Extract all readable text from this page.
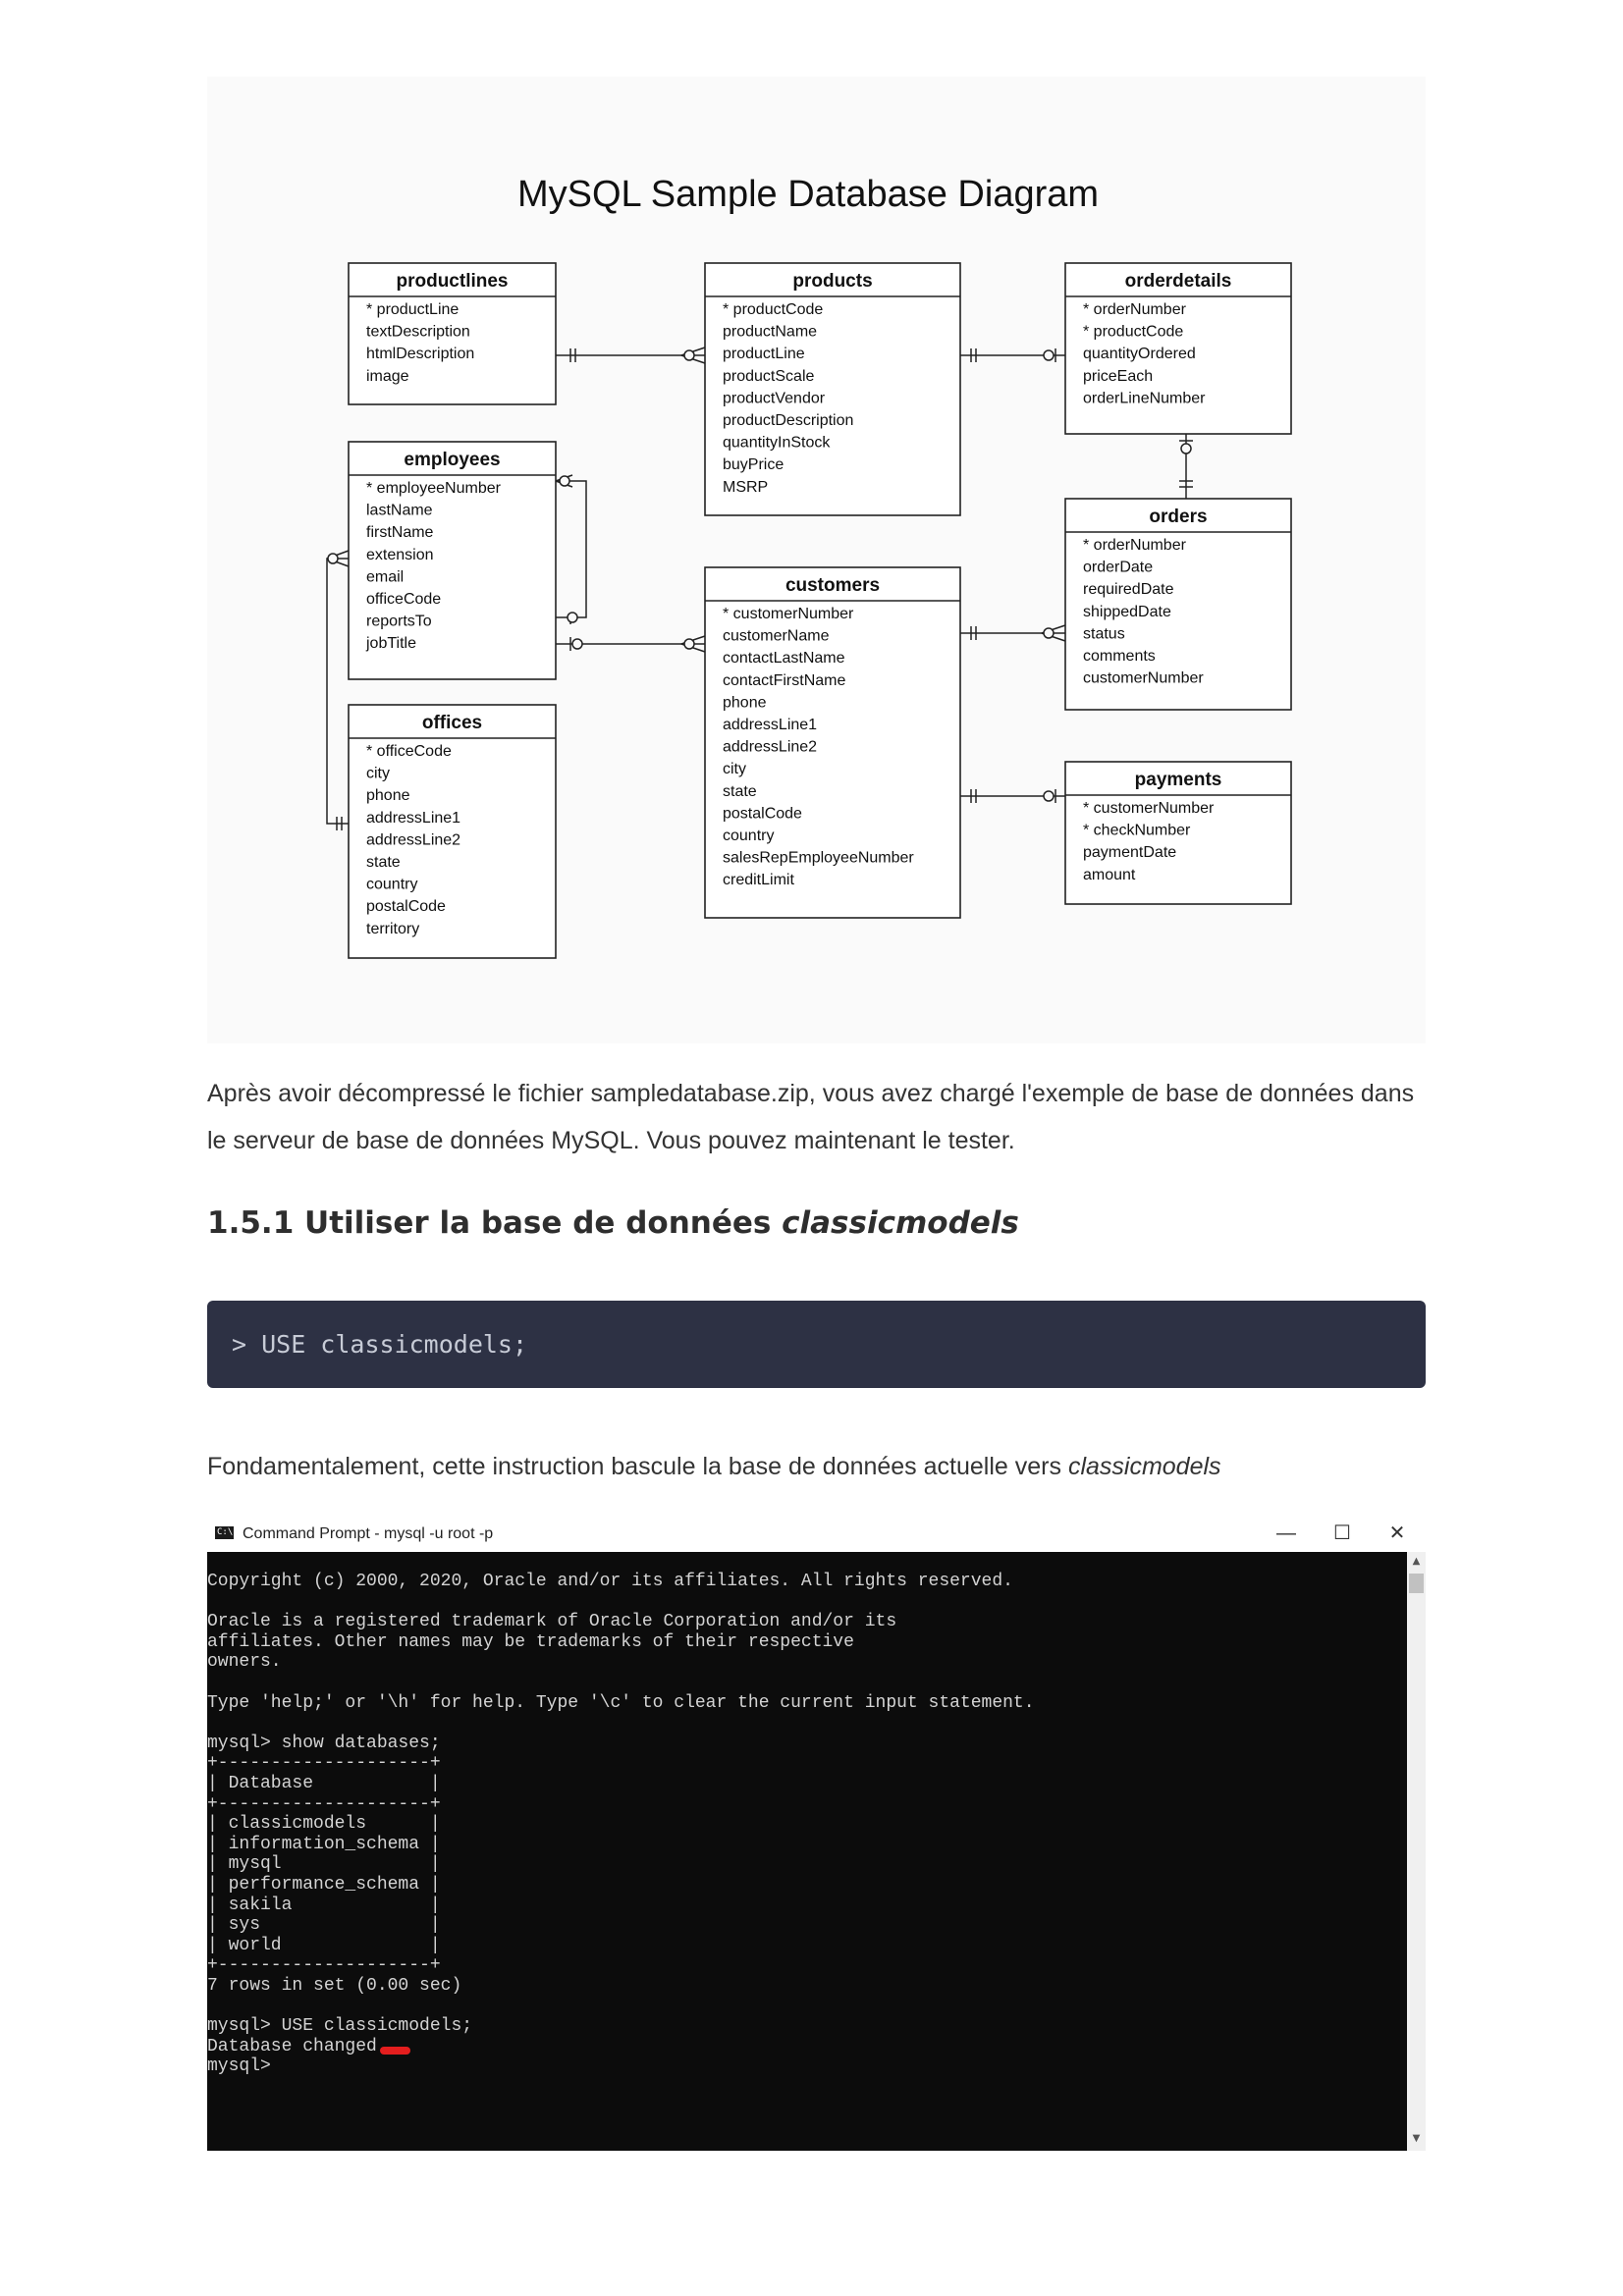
MySQL Sample Database Diagram
productlines
* productLine
textDescription
htmlDescription
image
products
* productCode
productName
productLine
productScale
productVendor
productDescription
quantityInStock
buyPrice
MSRP
orderdetails
* orderNumber
* productCode
quantityOrdered
priceEach
orderLineNumber
employees
* employeeNumber
lastName
firstName
extension
email
officeCode
reportsTo
jobTitle
orders
* orderNumber
orderDate
requiredDate
shippedDate
status
comments
customerNumber
customers
* customerNumber
customerName
contactLastName
contactFirstName
phone
addressLine1
addressLine2
city
state
postalCode
country
salesRepEmployeeNumber
creditLimit
offices
* officeCode
city
phone
addressLine1
addressLine2
state
country
postalCode
territory
payments
* customerNumber
* checkNumber
paymentDate
amount

Après avoir décompressé le fichier sampledatabase.zip, vous avez chargé l'exemple de base de données dans le serveur de base de données MySQL. Vous pouvez maintenant le tester.

1.5.1 Utiliser la base de données classicmodels
> USE classicmodels;

Fondamentalement, cette instruction bascule la base de données actuelle vers classicmodels

C:\ Command Prompt - mysql -u root -p	—	☐	✕
Copyright (c) 2000, 2020, Oracle and/or its affiliates. All rights reserved.

Oracle is a registered trademark of Oracle Corporation and/or its
affiliates. Other names may be trademarks of their respective
owners.

Type 'help;' or '\h' for help. Type '\c' to clear the current input statement.

mysql> show databases;
+--------------------+
| Database           |
+--------------------+
| classicmodels      |
| information_schema |
| mysql              |
| performance_schema |
| sakila             |
| sys                |
| world              |
+--------------------+
7 rows in set (0.00 sec)

mysql> USE classicmodels;
Database changed
mysql>
▲
▼
